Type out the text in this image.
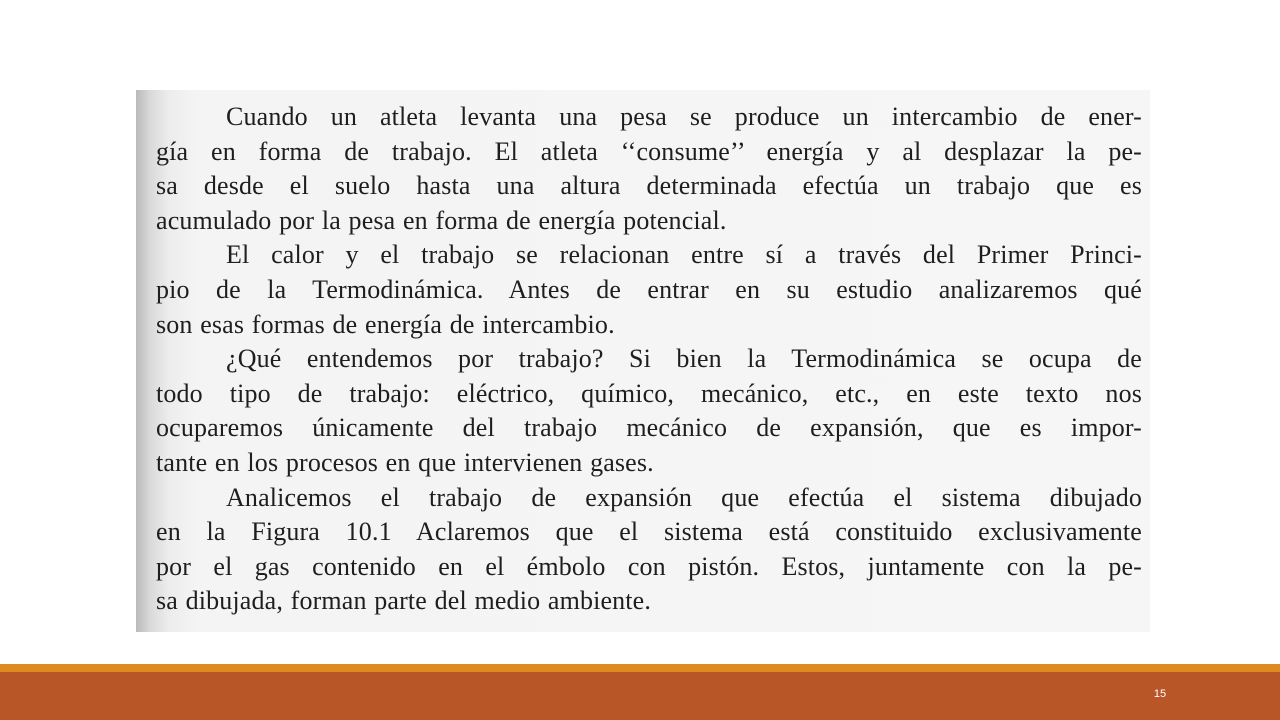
Cuando un atleta levanta una pesa se produce un intercambio de ener-
gía en forma de trabajo. El atleta ‘‘consume’’ energía y al desplazar la pe-
sa desde el suelo hasta una altura determinada efectúa un trabajo que es
acumulado por la pesa en forma de energía potencial.
El calor y el trabajo se relacionan entre sí a través del Primer Princi-
pio de la Termodinámica. Antes de entrar en su estudio analizaremos qué
son esas formas de energía de intercambio.
¿Qué entendemos por trabajo? Si bien la Termodinámica se ocupa de
todo tipo de trabajo: eléctrico, químico, mecánico, etc., en este texto nos
ocuparemos únicamente del trabajo mecánico de expansión, que es impor-
tante en los procesos en que intervienen gases.
Analicemos el trabajo de expansión que efectúa el sistema dibujado
en la Figura 10.1 Aclaremos que el sistema está constituido exclusivamente
por el gas contenido en el émbolo con pistón. Estos, juntamente con la pe-
sa dibujada, forman parte del medio ambiente.
15
